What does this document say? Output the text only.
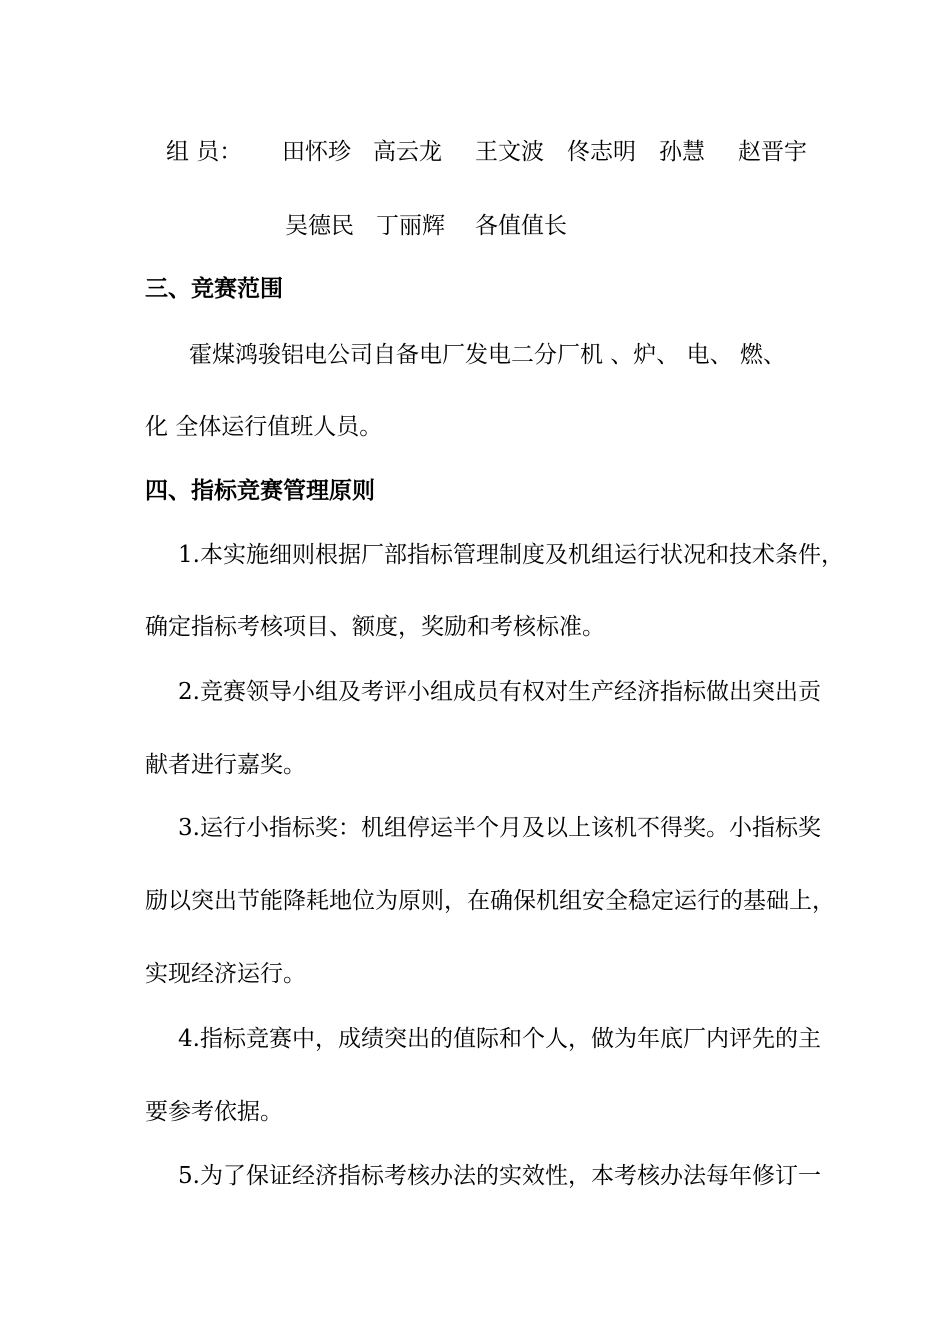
组 员： 田怀珍 高云龙 王文波 佟志明 孙慧 赵晋宇
吴德民 丁丽辉 各值值长
三、竞赛范围
霍煤鸿骏铝电公司自备电厂发电二分厂机 、炉、 电、 燃、
化 全体运行值班人员。
四、指标竞赛管理原则
1.本实施细则根据厂部指标管理制度及机组运行状况和技术条件，
确定指标考核项目、额度，奖励和考核标准。
2.竞赛领导小组及考评小组成员有权对生产经济指标做出突出贡
献者进行嘉奖。
3.运行小指标奖：机组停运半个月及以上该机不得奖。小指标奖
励以突出节能降耗地位为原则，在确保机组安全稳定运行的基础上，
实现经济运行。
4.指标竞赛中，成绩突出的值际和个人，做为年底厂内评先的主
要参考依据。
5.为了保证经济指标考核办法的实效性，本考核办法每年修订一
